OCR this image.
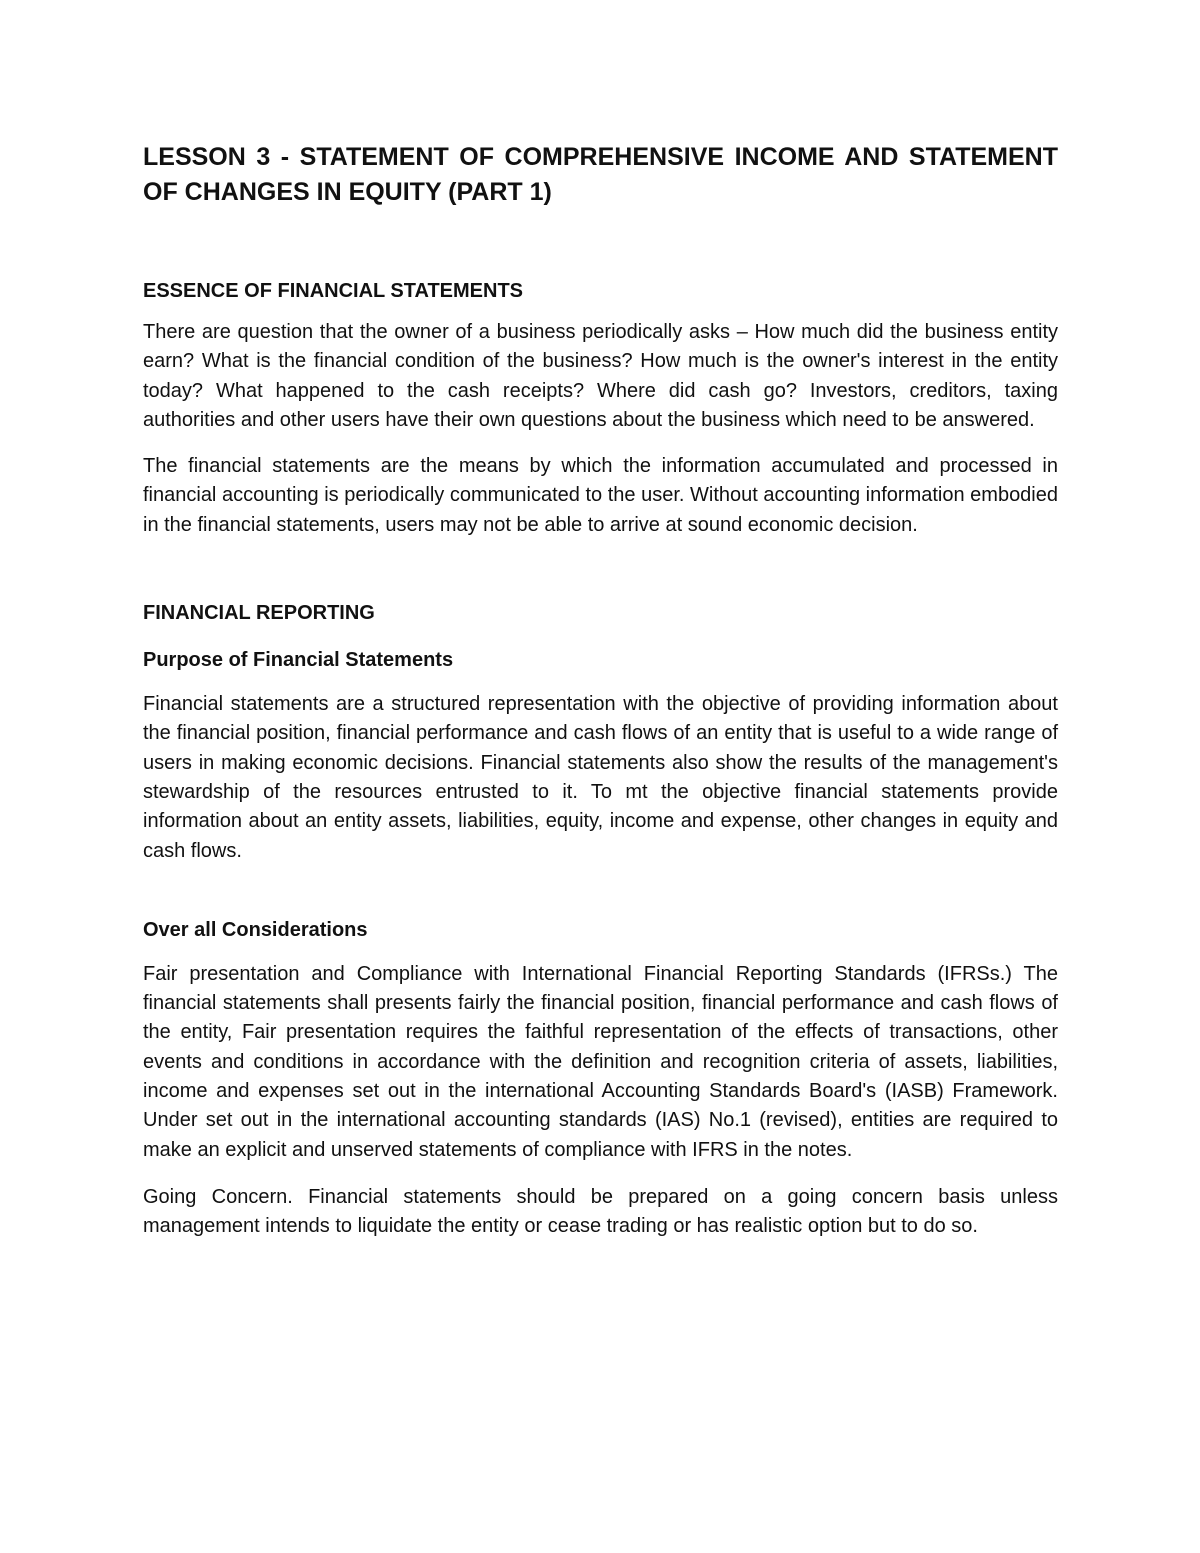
LESSON 3 - STATEMENT OF COMPREHENSIVE INCOME AND STATEMENT OF CHANGES IN EQUITY (PART 1)
ESSENCE OF FINANCIAL STATEMENTS

There are question that the owner of a business periodically asks – How much did the business entity earn? What is the financial condition of the business? How much is the owner's interest in the entity today? What happened to the cash receipts? Where did cash go? Investors, creditors, taxing authorities and other users have their own questions about the business which need to be answered.

The financial statements are the means by which the information accumulated and processed in financial accounting is periodically communicated to the user. Without accounting information embodied in the financial statements, users may not be able to arrive at sound economic decision.

FINANCIAL REPORTING
Purpose of Financial Statements

Financial statements are a structured representation with the objective of providing information about the financial position, financial performance and cash flows of an entity that is useful to a wide range of users in making economic decisions. Financial statements also show the results of the management's stewardship of the resources entrusted to it. To mt the objective financial statements provide information about an entity assets, liabilities, equity, income and expense, other changes in equity and cash flows.

Over all Considerations

Fair presentation and Compliance with International Financial Reporting Standards (IFRSs.) The financial statements shall presents fairly the financial position, financial performance and cash flows of the entity, Fair presentation requires the faithful representation of the effects of transactions, other events and conditions in accordance with the definition and recognition criteria of assets, liabilities, income and expenses set out in the international Accounting Standards Board's (IASB) Framework. Under set out in the international accounting standards (IAS) No.1 (revised), entities are required to make an explicit and unserved statements of compliance with IFRS in the notes.

Going Concern. Financial statements should be prepared on a going concern basis unless management intends to liquidate the entity or cease trading or has realistic option but to do so.
